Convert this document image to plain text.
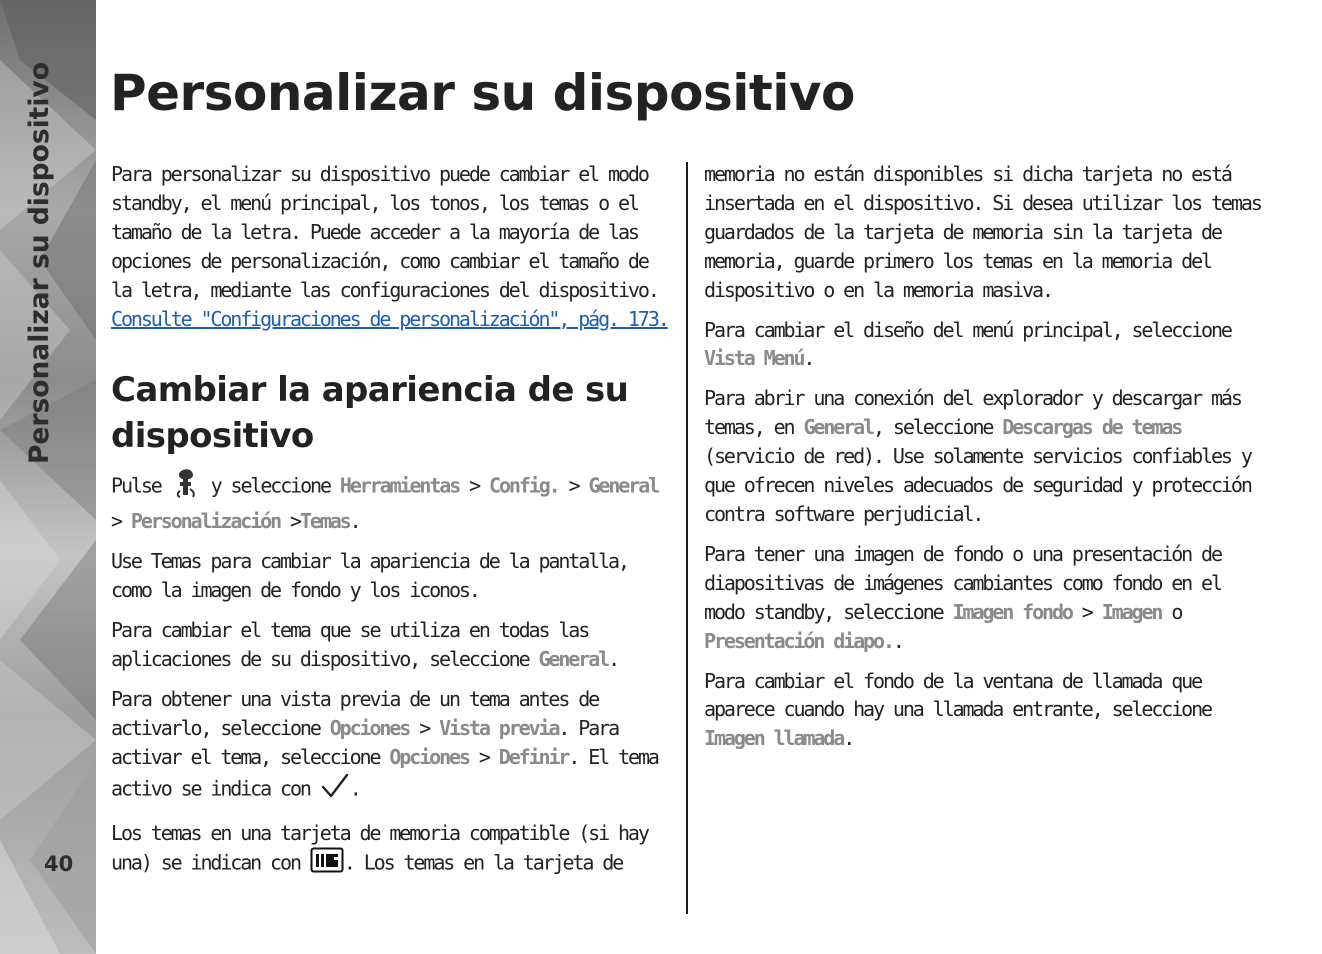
Personalizar su dispositivo
40
Personalizar su dispositivo

Para personalizar su dispositivo puede cambiar el modo standby, el menú principal, los tonos, los temas o el tamaño de la letra. Puede acceder a la mayoría de las opciones de personalización, como cambiar el tamaño de la letra, mediante las configuraciones del dispositivo. Consulte "Configuraciones de personalización", pág. 173.

Cambiar la apariencia de su dispositivo

Pulse y seleccione Herramientas > Config. > General > Personalización >Temas.

Use Temas para cambiar la apariencia de la pantalla, como la imagen de fondo y los iconos.

Para cambiar el tema que se utiliza en todas las aplicaciones de su dispositivo, seleccione General.

Para obtener una vista previa de un tema antes de activarlo, seleccione Opciones > Vista previa. Para activar el tema, seleccione Opciones > Definir. El tema activo se indica con .

Los temas en una tarjeta de memoria compatible (si hay una) se indican con . Los temas en la tarjeta de

memoria no están disponibles si dicha tarjeta no está insertada en el dispositivo. Si desea utilizar los temas guardados de la tarjeta de memoria sin la tarjeta de memoria, guarde primero los temas en la memoria del dispositivo o en la memoria masiva.

Para cambiar el diseño del menú principal, seleccione Vista Menú.

Para abrir una conexión del explorador y descargar más temas, en General, seleccione Descargas de temas (servicio de red). Use solamente servicios confiables y que ofrecen niveles adecuados de seguridad y protección contra software perjudicial.

Para tener una imagen de fondo o una presentación de diapositivas de imágenes cambiantes como fondo en el modo standby, seleccione Imagen fondo > Imagen o Presentación diapo..

Para cambiar el fondo de la ventana de llamada que aparece cuando hay una llamada entrante, seleccione Imagen llamada.
